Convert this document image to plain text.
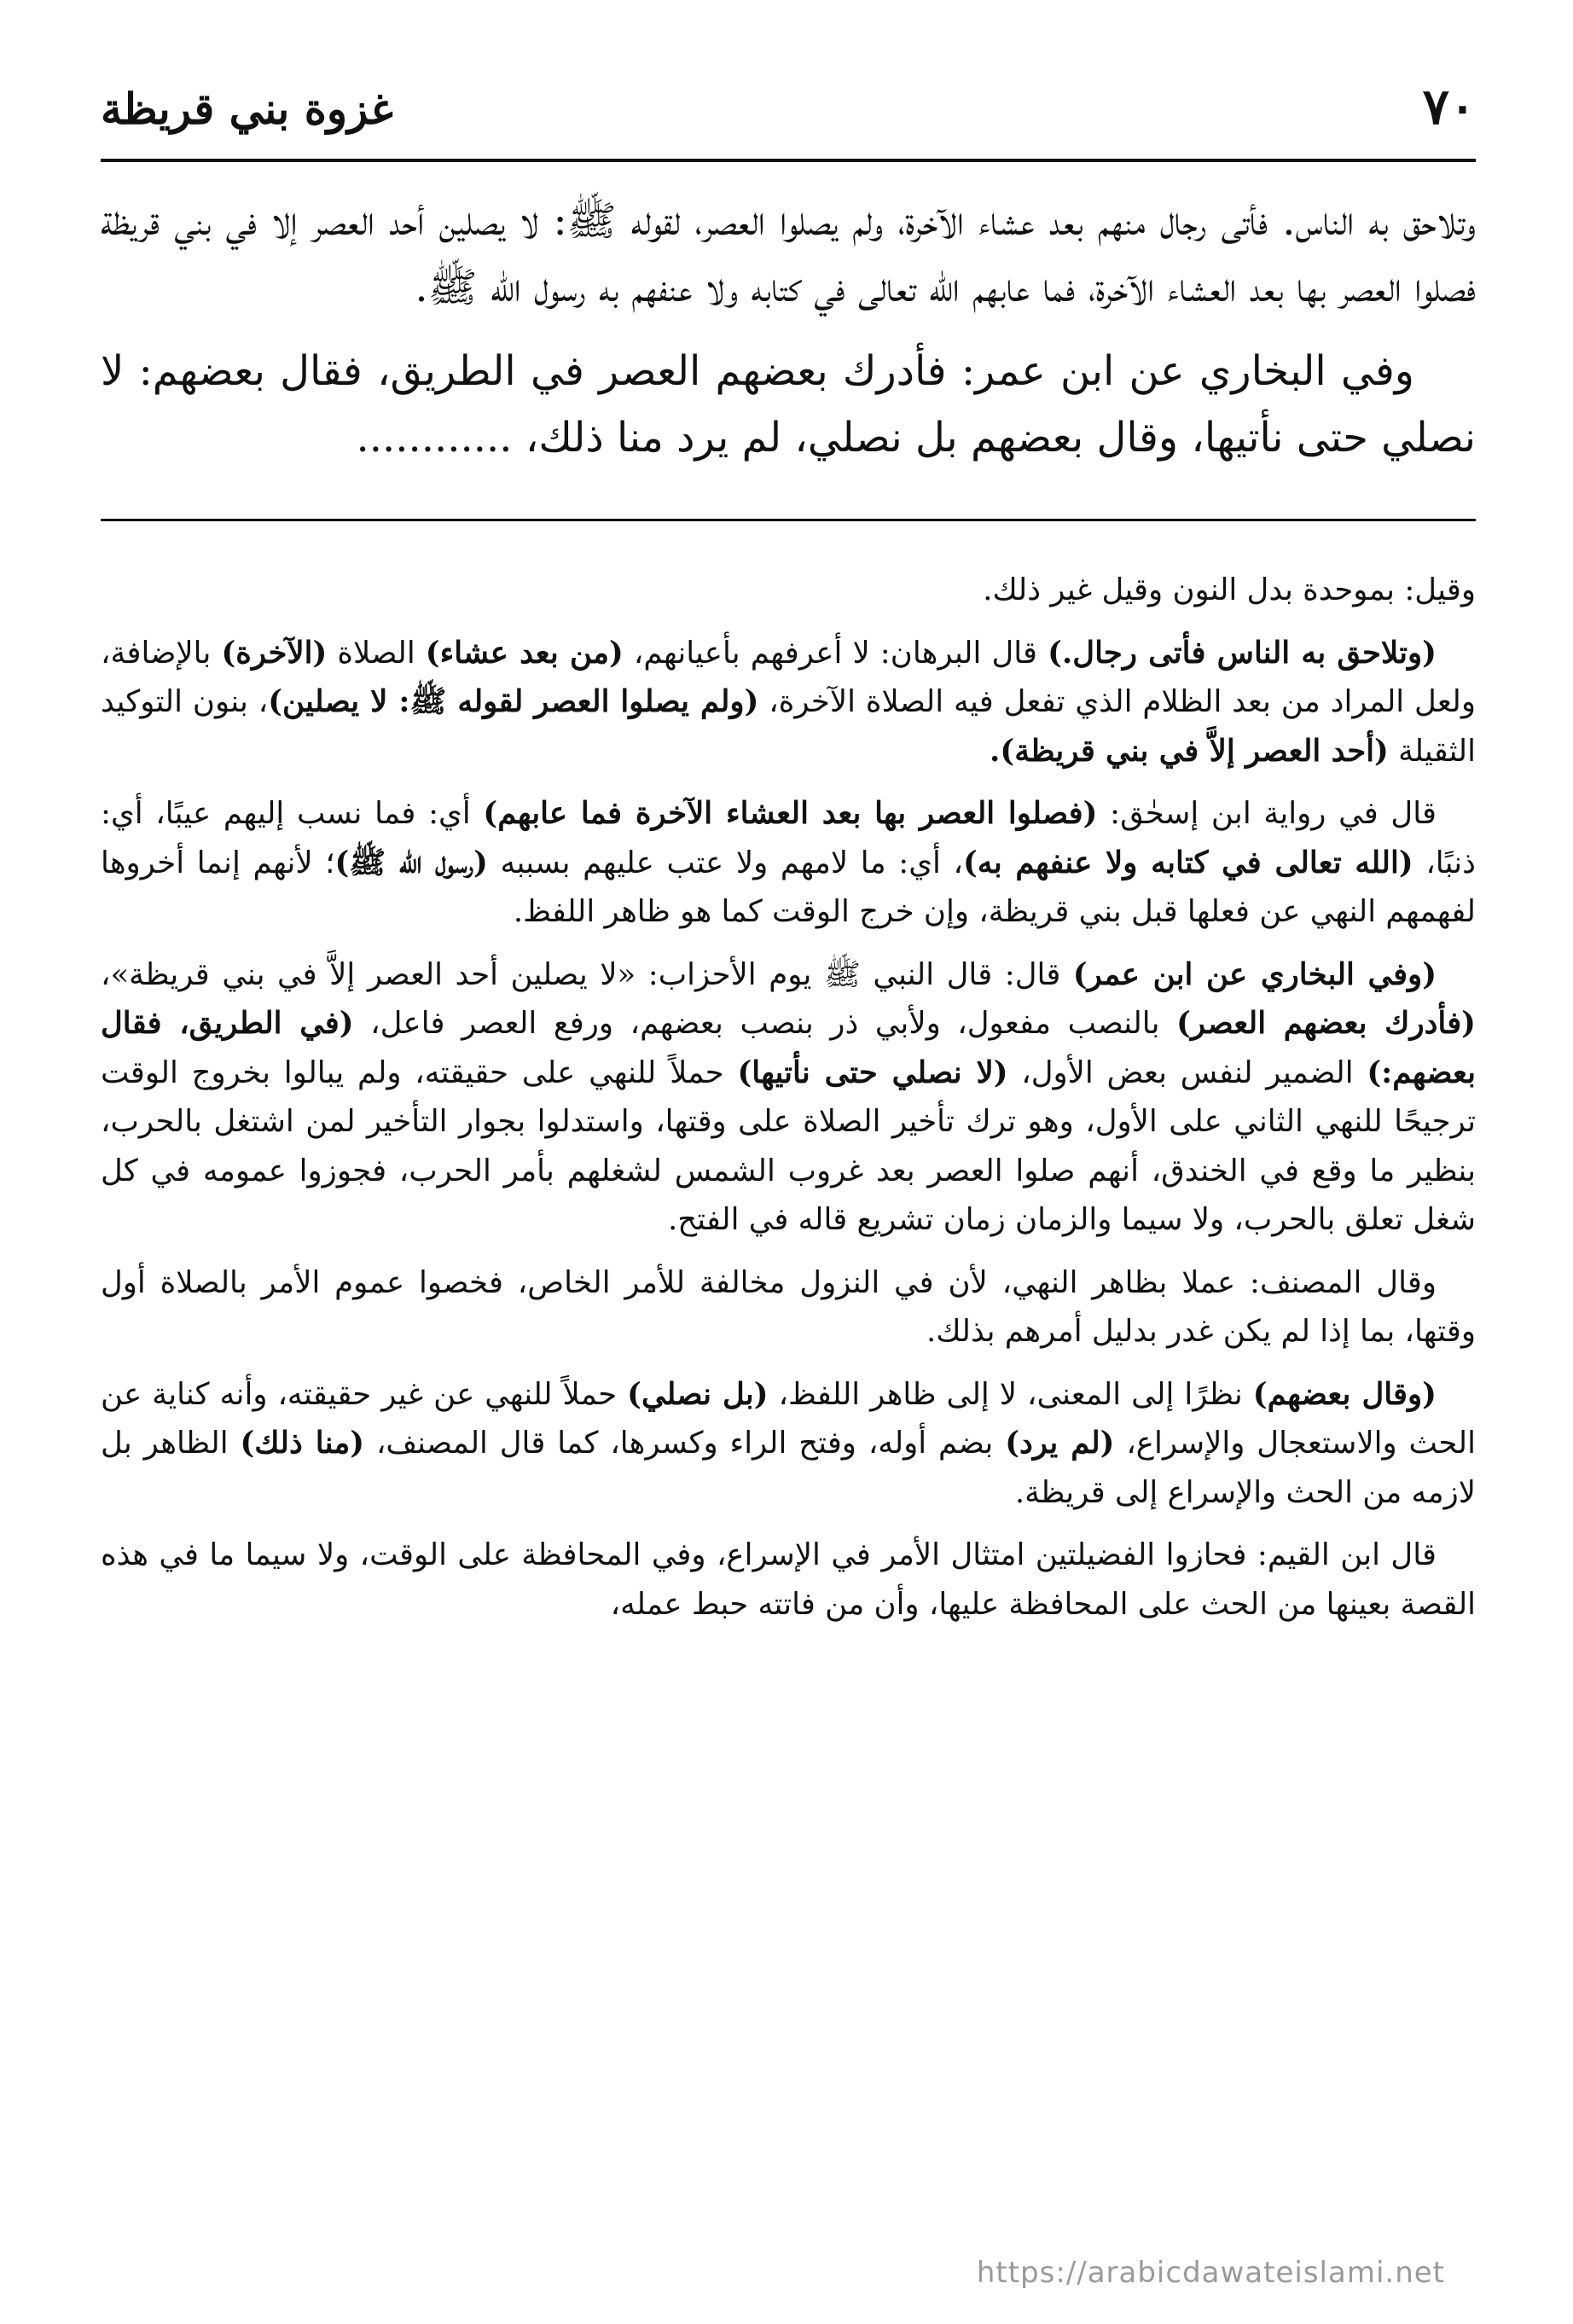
٧٠
غزوة بني قريظة

وتلاحق به الناس. فأتى رجال منهم بعد عشاء الآخرة، ولم يصلوا العصر، لقوله ﷺ: لا يصلين أحد العصر إلا في بني قريظة فصلوا العصر بها بعد العشاء الآخرة، فما عابهم الله تعالى في كتابه ولا عنفهم به رسول الله ﷺ.

وفي البخاري عن ابن عمر: فأدرك بعضهم العصر في الطريق، فقال بعضهم: لا نصلي حتى نأتيها، وقال بعضهم بل نصلي، لم يرد منا ذلك، ............

وقيل: بموحدة بدل النون وقيل غير ذلك.

(وتلاحق به الناس فأتى رجال.) قال البرهان: لا أعرفهم بأعيانهم، (من بعد عشاء) الصلاة (الآخرة) بالإضافة، ولعل المراد من بعد الظلام الذي تفعل فيه الصلاة الآخرة، (ولم يصلوا العصر لقوله ﷺ: لا يصلين)، بنون التوكيد الثقيلة (أحد العصر إلاَّ في بني قريظة).

قال في رواية ابن إسحٰق: (فصلوا العصر بها بعد العشاء الآخرة فما عابهم) أي: فما نسب إليهم عيبًا، أي: ذنبًا، (الله تعالى في كتابه ولا عنفهم به)، أي: ما لامهم ولا عتب عليهم بسببه (رسول الله ﷺ)؛ لأنهم إنما أخروها لفهمهم النهي عن فعلها قبل بني قريظة، وإن خرج الوقت كما هو ظاهر اللفظ.

(وفي البخاري عن ابن عمر) قال: قال النبي ﷺ يوم الأحزاب: «لا يصلين أحد العصر إلاَّ في بني قريظة»، (فأدرك بعضهم العصر) بالنصب مفعول، ولأبي ذر بنصب بعضهم، ورفع العصر فاعل، (في الطريق، فقال بعضهم:) الضمير لنفس بعض الأول، (لا نصلي حتى نأتيها) حملاً للنهي على حقيقته، ولم يبالوا بخروج الوقت ترجيحًا للنهي الثاني على الأول، وهو ترك تأخير الصلاة على وقتها، واستدلوا بجوار التأخير لمن اشتغل بالحرب، بنظير ما وقع في الخندق، أنهم صلوا العصر بعد غروب الشمس لشغلهم بأمر الحرب، فجوزوا عمومه في كل شغل تعلق بالحرب، ولا سيما والزمان زمان تشريع قاله في الفتح.

وقال المصنف: عملا بظاهر النهي، لأن في النزول مخالفة للأمر الخاص، فخصوا عموم الأمر بالصلاة أول وقتها، بما إذا لم يكن غدر بدليل أمرهم بذلك.

(وقال بعضهم) نظرًا إلى المعنى، لا إلى ظاهر اللفظ، (بل نصلي) حملاً للنهي عن غير حقيقته، وأنه كناية عن الحث والاستعجال والإسراع، (لم يرد) بضم أوله، وفتح الراء وكسرها، كما قال المصنف، (منا ذلك) الظاهر بل لازمه من الحث والإسراع إلى قريظة.

قال ابن القيم: فحازوا الفضيلتين امتثال الأمر في الإسراع، وفي المحافظة على الوقت، ولا سيما ما في هذه القصة بعينها من الحث على المحافظة عليها، وأن من فاتته حبط عمله،

https://arabicdawateislami.net
